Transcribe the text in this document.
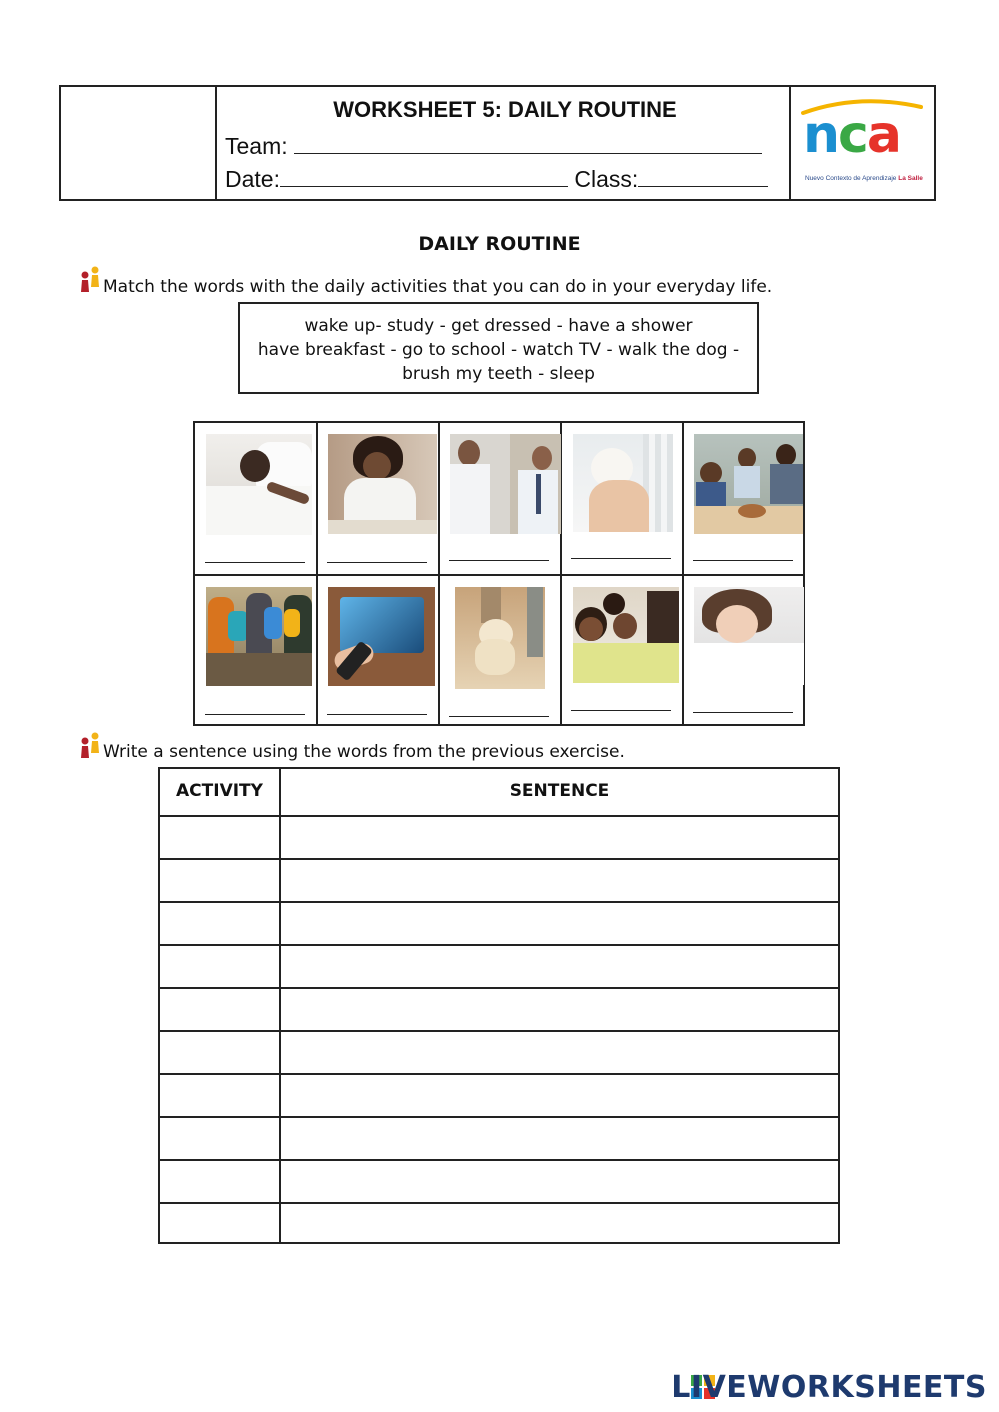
WORKSHEET 5: DAILY ROUTINE
Team:
Date:	Class:
nca
Nuevo Contexto de Aprendizaje La Salle
DAILY ROUTINE
Match the words with the daily activities that you can do in your everyday life.
wake up- study - get dressed - have a shower
have breakfast - go to school - watch TV - walk the dog -
brush my teeth - sleep
Write a sentence using the words from the previous exercise.
ACTIVITY	SENTENCE
LIVEWORKSHEETS
